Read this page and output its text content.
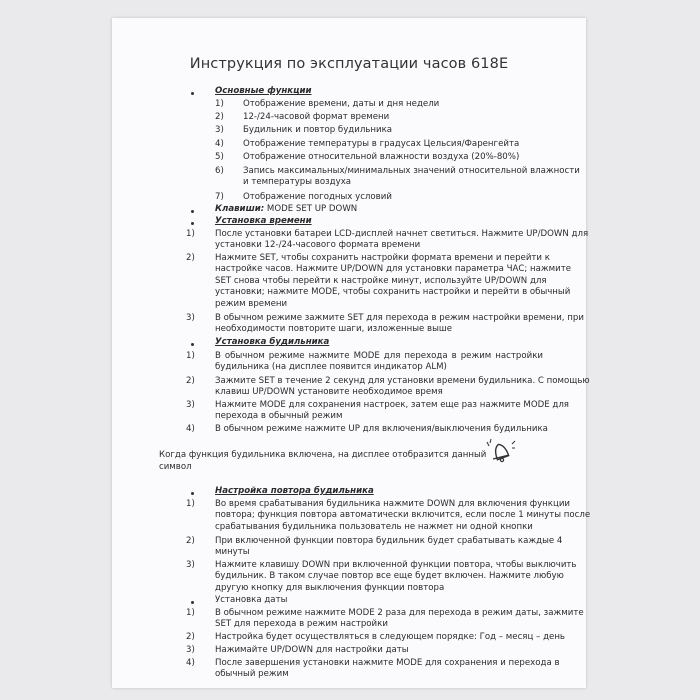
Инструкция по эксплуатации часов 618Е
Основные функции
1) Отображение времени, даты и дня недели
2) 12-/24-часовой формат времени
3) Будильник и повтор будильника
4) Отображение температуры в градусах Цельсия/Фаренгейта
5) Отображение относительной влажности воздуха (20%-80%)
6) Запись максимальных/минимальных значений относительной влажности
и температуры воздуха
7) Отображение погодных условий
Клавиши: MODE SET UP DOWN
Установка времени
1) После установки батареи LCD-дисплей начнет светиться. Нажмите UP/DOWN для
установки 12-/24-часового формата времени
2) Нажмите SET, чтобы сохранить настройки формата времени и перейти к
настройке часов. Нажмите UP/DOWN для установки параметра ЧАС; нажмите
SET снова чтобы перейти к настройке минут, используйте UP/DOWN для
установки; нажмите MODE, чтобы сохранить настройки и перейти в обычный
режим времени
3) В обычном режиме зажмите SET для перехода в режим настройки времени, при
необходимости повторите шаги, изложенные выше
Установка будильника
1) В обычном режиме нажмите MODE для перехода в режим настройки
будильника (на дисплее появится индикатор ALM)
2) Зажмите SET в течение 2 секунд для установки времени будильника. С помощью
клавиш UP/DOWN установите необходимое время
3) Нажмите MODE для сохранения настроек, затем еще раз нажмите MODE для
перехода в обычный режим
4) В обычном режиме нажмите UP для включения/выключения будильника
Когда функция будильника включена, на дисплее отобразится данный
символ
Настройка повтора будильника
1) Во время срабатывания будильника нажмите DOWN для включения функции
повтора; функция повтора автоматически включится, если после 1 минуты после
срабатывания будильника пользователь не нажмет ни одной кнопки
2) При включенной функции повтора будильник будет срабатывать каждые 4
минуты
3) Нажмите клавишу DOWN при включенной функции повтора, чтобы выключить
будильник. В таком случае повтор все еще будет включен. Нажмите любую
другую кнопку для выключения функции повтора
Установка даты
1) В обычном режиме нажмите MODE 2 раза для перехода в режим даты, зажмите
SET для перехода в режим настройки
2) Настройка будет осуществляться в следующем порядке: Год – месяц – день
3) Нажимайте UP/DOWN для настройки даты
4) После завершения установки нажмите MODE для сохранения и перехода в
обычный режим
